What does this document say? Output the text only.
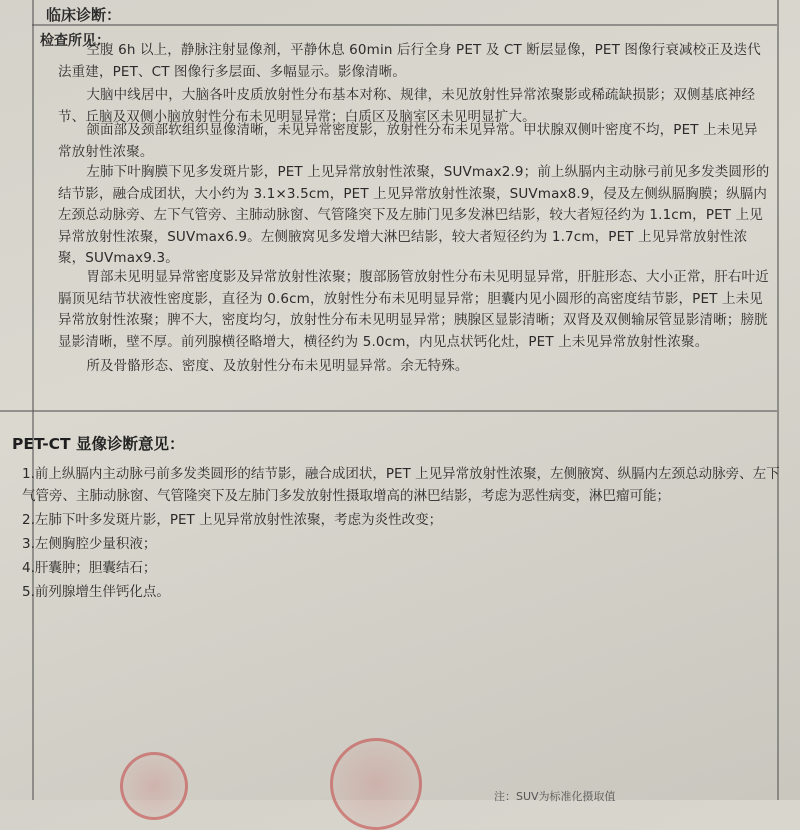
临床诊断：
检查所见：
空腹 6h 以上，静脉注射显像剂，平静休息 60min 后行全身 PET 及 CT 断层显像，PET 图像行衰减校正及迭代法重建，PET、CT 图像行多层面、多幅显示。影像清晰。
大脑中线居中，大脑各叶皮质放射性分布基本对称、规律，未见放射性异常浓聚影或稀疏缺损影；双侧基底神经节、丘脑及双侧小脑放射性分布未见明显异常；白质区及脑室区未见明显扩大。
颌面部及颈部软组织显像清晰，未见异常密度影，放射性分布未见异常。甲状腺双侧叶密度不均，PET 上未见异常放射性浓聚。
左肺下叶胸膜下见多发斑片影，PET 上见异常放射性浓聚，SUVmax2.9；前上纵膈内主动脉弓前见多发类圆形的结节影，融合成团状，大小约为 3.1×3.5cm，PET 上见异常放射性浓聚，SUVmax8.9，侵及左侧纵膈胸膜；纵膈内左颈总动脉旁、左下气管旁、主肺动脉窗、气管隆突下及左肺门见多发淋巴结影，较大者短径约为 1.1cm，PET 上见异常放射性浓聚，SUVmax6.9。左侧腋窝见多发增大淋巴结影，较大者短径约为 1.7cm，PET 上见异常放射性浓聚，SUVmax9.3。
胃部未见明显异常密度影及异常放射性浓聚；腹部肠管放射性分布未见明显异常，肝脏形态、大小正常，肝右叶近膈顶见结节状液性密度影，直径为 0.6cm，放射性分布未见明显异常；胆囊内见小圆形的高密度结节影，PET 上未见异常放射性浓聚；脾不大，密度均匀，放射性分布未见明显异常；胰腺区显影清晰；双肾及双侧输尿管显影清晰；膀胱显影清晰，壁不厚。前列腺横径略增大，横径约为 5.0cm，内见点状钙化灶，PET 上未见异常放射性浓聚。
所及骨骼形态、密度、及放射性分布未见明显异常。余无特殊。
PET-CT 显像诊断意见：
1.前上纵膈内主动脉弓前多发类圆形的结节影，融合成团状，PET 上见异常放射性浓聚，左侧腋窝、纵膈内左颈总动脉旁、左下气管旁、主肺动脉窗、气管隆突下及左肺门多发放射性摄取增高的淋巴结影，考虑为恶性病变，淋巴瘤可能；
2.左肺下叶多发斑片影，PET 上见异常放射性浓聚，考虑为炎性改变；
3.左侧胸腔少量积液；
4.肝囊肿；胆囊结石；
5.前列腺增生伴钙化点。
注：SUV为标准化摄取值
